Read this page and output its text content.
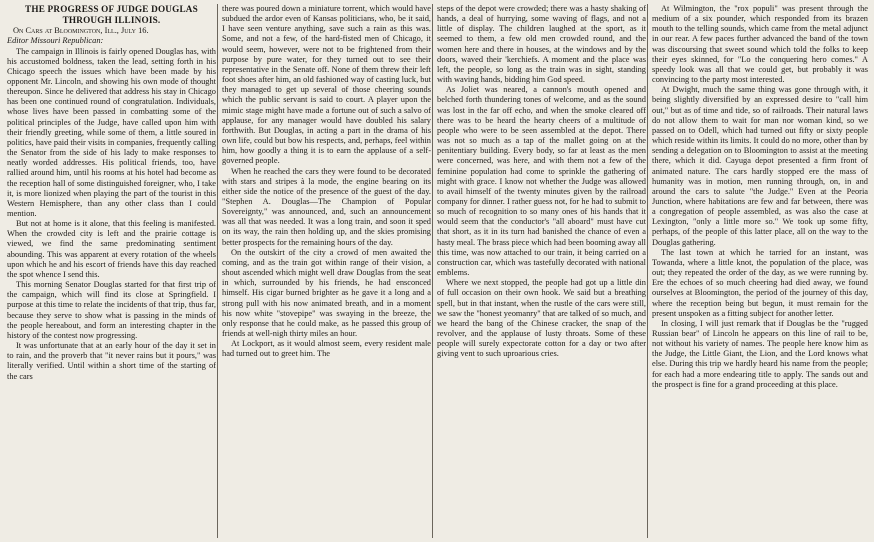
THE PROGRESS OF JUDGE DOUGLAS THROUGH ILLINOIS.

On Cars at Bloomington, Ill., July 16.

Editor Missouri Republican:

The campaign in Illinois is fairly opened Douglas has, with his accustomed boldness, taken the lead, setting forth in his Chicago speech the issues which have been made by his opponent Mr. Lincoln, and showing his own mode of thought thereupon. Since he delivered that address his stay in Chicago has been one continued round of congratulation. Individuals, whose lives have been passed in combatting some of the political principles of the Judge, have called upon him with their friendly greeting, while some of them, a little soured in politics, have paid their visits in companies, frequently calling the Senator from the side of his lady to make responses to neatly worded addresses. His political friends, too, have rallied around him, until his rooms at his hotel had become as the reception hall of some distinguished foreigner, who, I take it, is more lionized when playing the part of the tourist in this Western Hemisphere, than any other class than I could mention.

But not at home is it alone, that this feeling is manifested. When the crowded city is left and the prairie cottage is viewed, we find the same predominating sentiment abounding. This was apparent at every rotation of the wheels upon which he and his escort of friends have this day reached the spot whence I send this.

This morning Senator Douglas started for that first trip of the campaign, which will find its close at Springfield. I purpose at this time to relate the incidents of that trip, thus far, because they serve to show what is passing in the minds of the people hereabout, and form an interesting chapter in the history of the contest now progressing.

It was unfortunate that at an early hour of the day it set in to rain, and the proverb that "it never rains but it pours," was literally verified. Until within a short time of the starting of the cars

there was poured down a miniature torrent, which would have subdued the ardor even of Kansas politicians, who, be it said, I have seen venture anything, save such a rain as this was. Some, and not a few, of the hard-fisted men of Chicago, it would seem, however, were not to be frightened from their purpose by pure water, for they turned out to see their representative in the Senate off. None of them threw their left foot shoes after him, an old fashioned way of casting luck, but they managed to get up several of those cheering sounds which the public servant is said to court. A player upon the mimic stage might have made a fortune out of such a salvo of applause, for any manager would have doubled his salary forthwith. But Douglas, in acting a part in the drama of his own life, could but bow his respects, and, perhaps, feel within him, how goodly a thing it is to earn the applause of a self-governed people.

When he reached the cars they were found to be decorated with stars and stripes à la mode, the engine bearing on its either side the notice of the presence of the guest of the day. "Stephen A. Douglas—The Champion of Popular Sovereignty," was announced, and, such an announcement was all that was needed. It was a long train, and soon it sped on its way, the rain then holding up, and the skies promising better prospects for the remaining hours of the day.

On the outskirt of the city a crowd of men awaited the coming, and as the train got within range of their vision, a shout ascended which might well draw Douglas from the seat in which, surrounded by his friends, he had ensconced himself. His cigar burned brighter as he gave it a long and a strong pull with his now animated breath, and in a moment his now white "stovepipe" was swaying in the breeze, the only response that he could make, as he passed this group of friends at well-nigh thirty miles an hour.

At Lockport, as it would almost seem, every resident male had turned out to greet him. The

steps of the depot were crowded; there was a hasty shaking of hands, a deal of hurrying, some waving of flags, and not a little of display. The children laughed at the sport, as it seemed to them, a few old men crowded round, and the women here and there in houses, at the windows and by the doors, waved their 'kerchiefs. A moment and the place was left, the people, so long as the train was in sight, standing with waving hands, bidding him God speed.

As Joliet was neared, a cannon's mouth opened and belched forth thundering tones of welcome, and as the sound was lost in the far off echo, and when the smoke cleared off there was to be heard the hearty cheers of a multitude of people who were to be seen assembled at the depot. There was not so much as a tap of the mallet going on at the penitentiary building. Every body, so far at least as the men were concerned, was here, and with them not a few of the feminine population had come to sprinkle the gathering of might with grace. I know not whether the Judge was allowed to avail himself of the twenty minutes given by the railroad company for dinner. I rather guess not, for he had to submit to so much of recognition to so many ones of his hands that it would seem that the conductor's "all aboard" must have cut that short, as it in its turn had banished the chance of even a hasty meal. The brass piece which had been booming away all this time, was now attached to our train, it being carried on a construction car, which was tastefully decorated with national emblems.

Where we next stopped, the people had got up a little din of full occasion on their own hook. We said but a breathing spell, but in that instant, when the rustle of the cars were still, we saw the "honest yeomanry" that are talked of so much, and we heard the bang of the Chinese cracker, the snap of the revolver, and the applause of lusty throats. Some of these people will surely expectorate cotton for a day or two after giving vent to such uproarious cries.

At Wilmington, the "rox populi" was present through the medium of a six pounder, which responded from its brazen mouth to the telling sounds, which came from the metal adjunct in our rear. A few paces further advanced the band of the town was discoursing that sweet sound which told the folks to keep their eyes skinned, for "Lo the conquering hero comes." A speedy look was all that we could get, but probably it was convincing to the party most interested.

At Dwight, much the same thing was gone through with, it being slightly diversified by an expressed desire to "call him out," but as of time and tide, so of railroads. Their natural laws do not allow them to wait for man nor woman kind, so we passed on to Odell, which had turned out fifty or sixty people which reside within its limits. It could do no more, other than by sending a delegation on to Bloomington to assist at the meeting there, which it did. Cayuga depot presented a firm front of animated nature. The cars hardly stopped ere the mass of humanity was in motion, men running through, on, in and around the cars to salute "the Judge." Even at the Peoria Junction, where habitations are few and far between, there was a congregation of people assembled, as was also the case at Lexington, "only a little more so." We took up some fifty, perhaps, of the people of this latter place, all on the way to the Douglas gathering.

The last town at which he tarried for an instant, was Towanda, where a little knot, the population of the place, was out; they repeated the order of the day, as we were running by. Ere the echoes of so much cheering had died away, we found ourselves at Bloomington, the period of the journey of this day, where the reception being but begun, it must remain for the present unspoken as a fitting subject for another letter.

In closing, I will just remark that if Douglas be the "rugged Russian bear" of Lincoln he appears on this line of rail to be, not without his variety of names. The people here know him as the Judge, the Little Giant, the Lion, and the Lord knows what else. During this trip we hardly heard his name from the people; for each had a more endearing title to apply. The sands out and the prospect is fine for a grand proceeding at this place.
